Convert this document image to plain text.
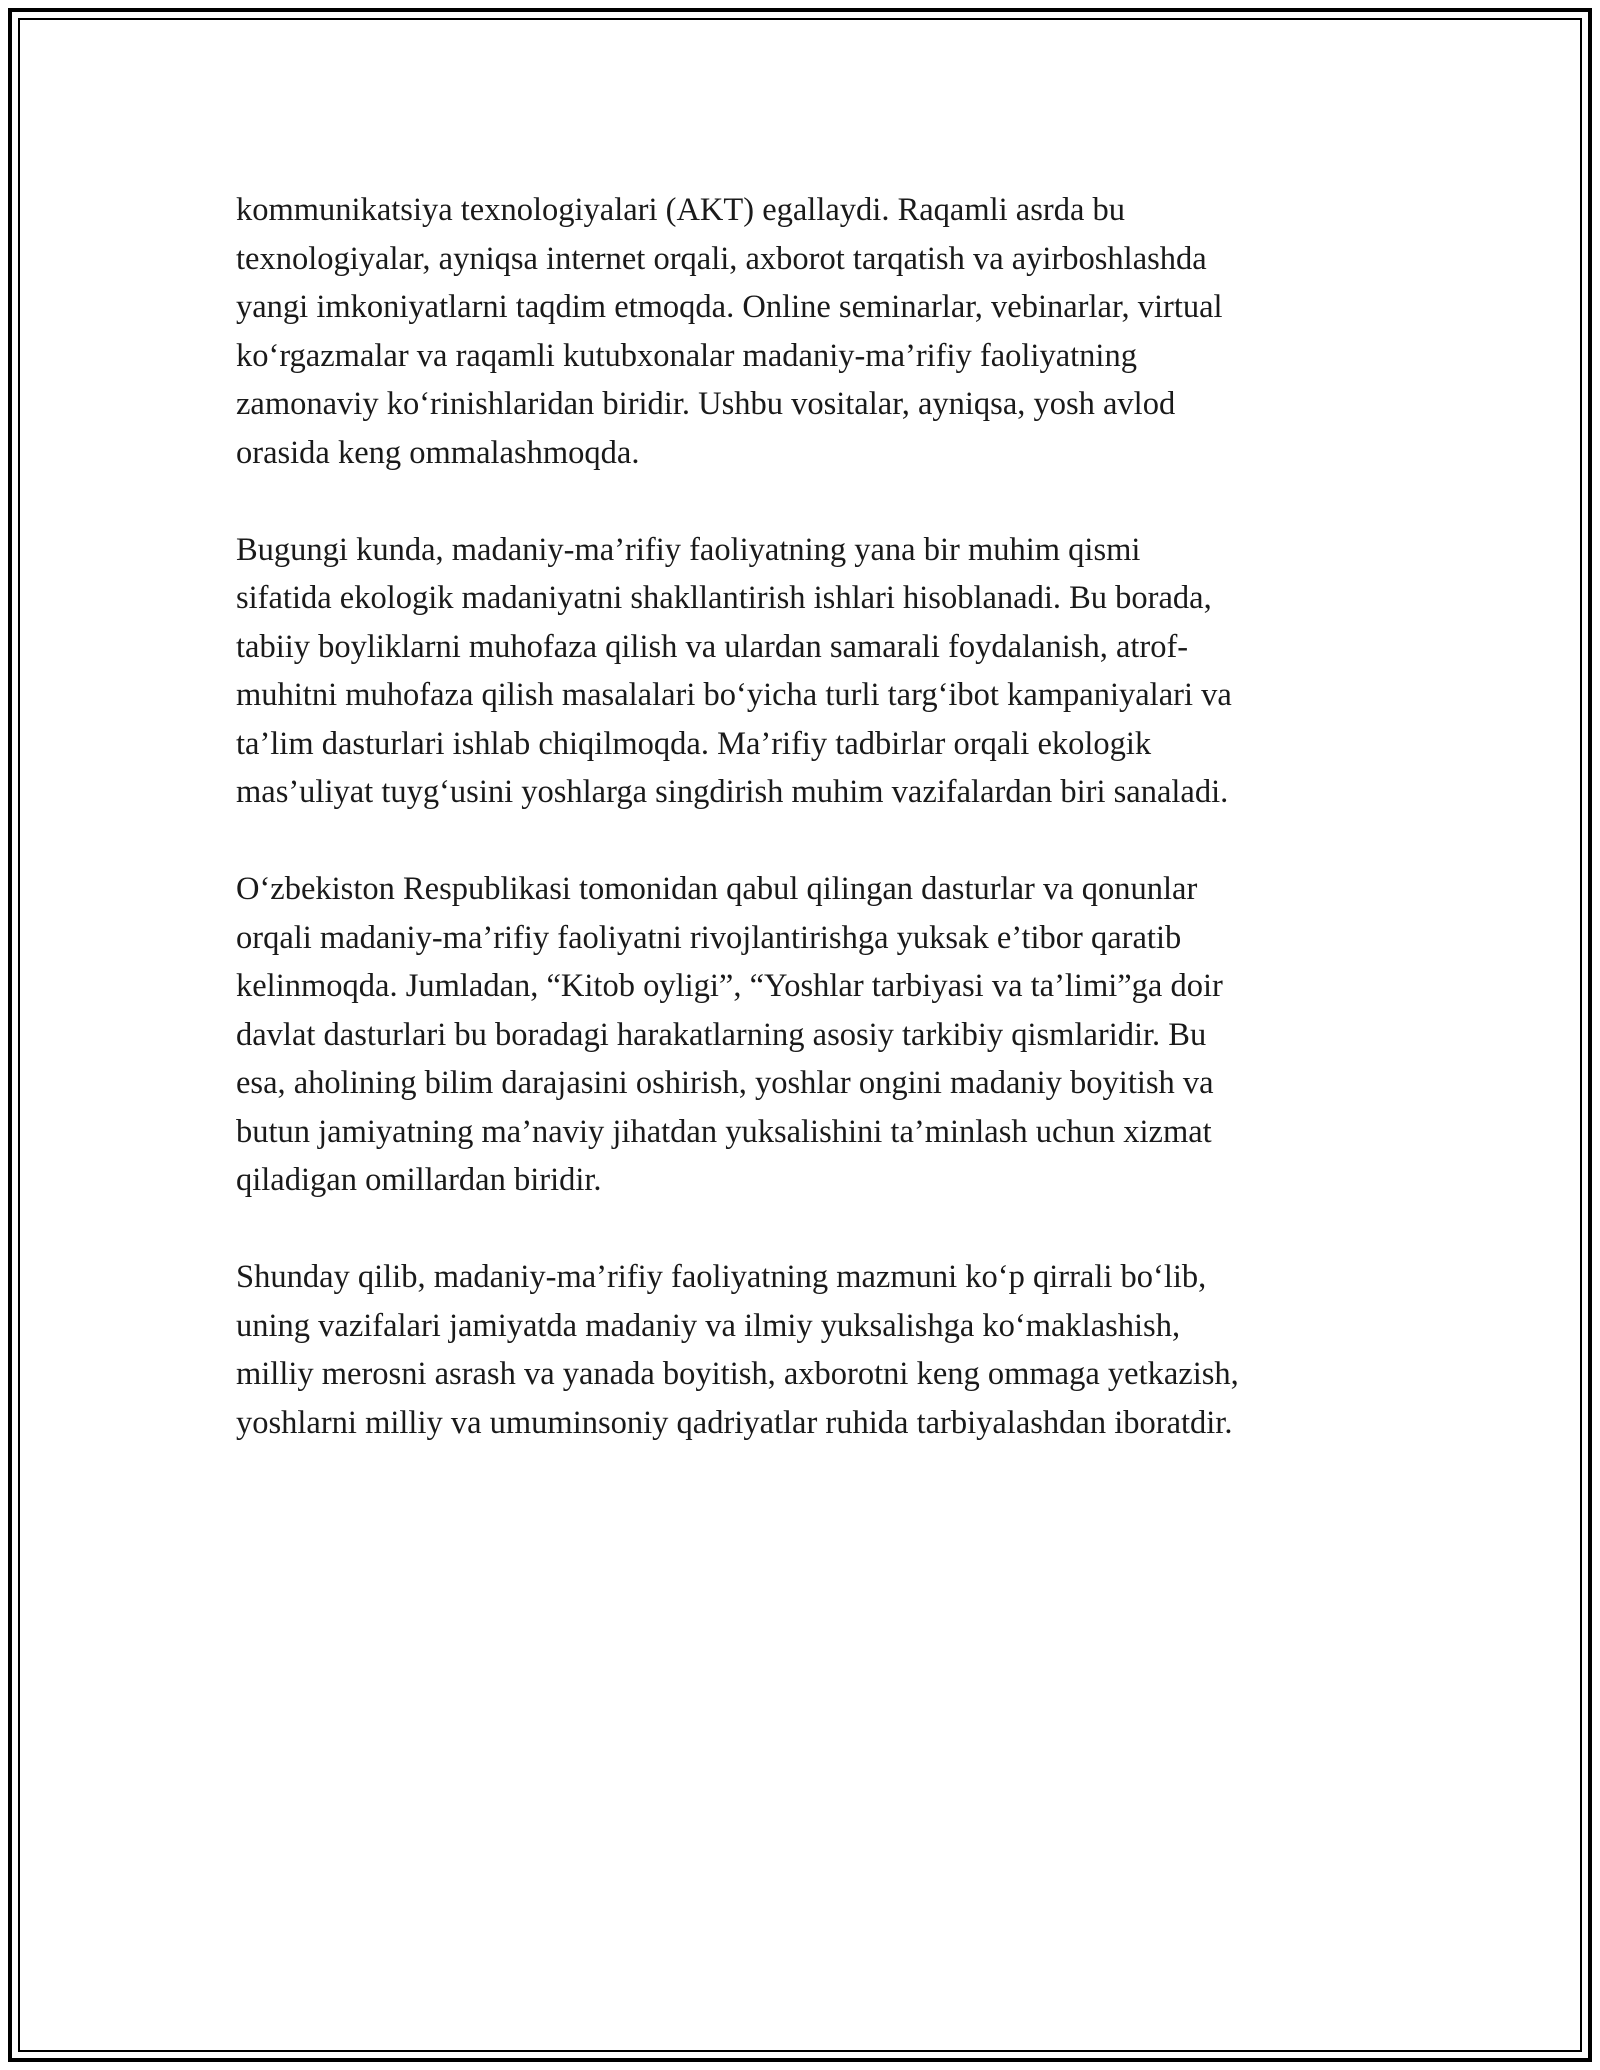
kommunikatsiya texnologiyalari (AKT) egallaydi. Raqamli asrda bu
texnologiyalar, ayniqsa internet orqali, axborot tarqatish va ayirboshlashda
yangi imkoniyatlarni taqdim etmoqda. Online seminarlar, vebinarlar, virtual
ko‘rgazmalar va raqamli kutubxonalar madaniy-ma’rifiy faoliyatning
zamonaviy ko‘rinishlaridan biridir. Ushbu vositalar, ayniqsa, yosh avlod
orasida keng ommalashmoqda.

Bugungi kunda, madaniy-ma’rifiy faoliyatning yana bir muhim qismi
sifatida ekologik madaniyatni shakllantirish ishlari hisoblanadi. Bu borada,
tabiiy boyliklarni muhofaza qilish va ulardan samarali foydalanish, atrof-
muhitni muhofaza qilish masalalari bo‘yicha turli targ‘ibot kampaniyalari va
ta’lim dasturlari ishlab chiqilmoqda. Ma’rifiy tadbirlar orqali ekologik
mas’uliyat tuyg‘usini yoshlarga singdirish muhim vazifalardan biri sanaladi.

O‘zbekiston Respublikasi tomonidan qabul qilingan dasturlar va qonunlar
orqali madaniy-ma’rifiy faoliyatni rivojlantirishga yuksak e’tibor qaratib
kelinmoqda. Jumladan, “Kitob oyligi”, “Yoshlar tarbiyasi va ta’limi”ga doir
davlat dasturlari bu boradagi harakatlarning asosiy tarkibiy qismlaridir. Bu
esa, aholining bilim darajasini oshirish, yoshlar ongini madaniy boyitish va
butun jamiyatning ma’naviy jihatdan yuksalishini ta’minlash uchun xizmat
qiladigan omillardan biridir.

Shunday qilib, madaniy-ma’rifiy faoliyatning mazmuni ko‘p qirrali bo‘lib,
uning vazifalari jamiyatda madaniy va ilmiy yuksalishga ko‘maklashish,
milliy merosni asrash va yanada boyitish, axborotni keng ommaga yetkazish,
yoshlarni milliy va umuminsoniy qadriyatlar ruhida tarbiyalashdan iboratdir.
